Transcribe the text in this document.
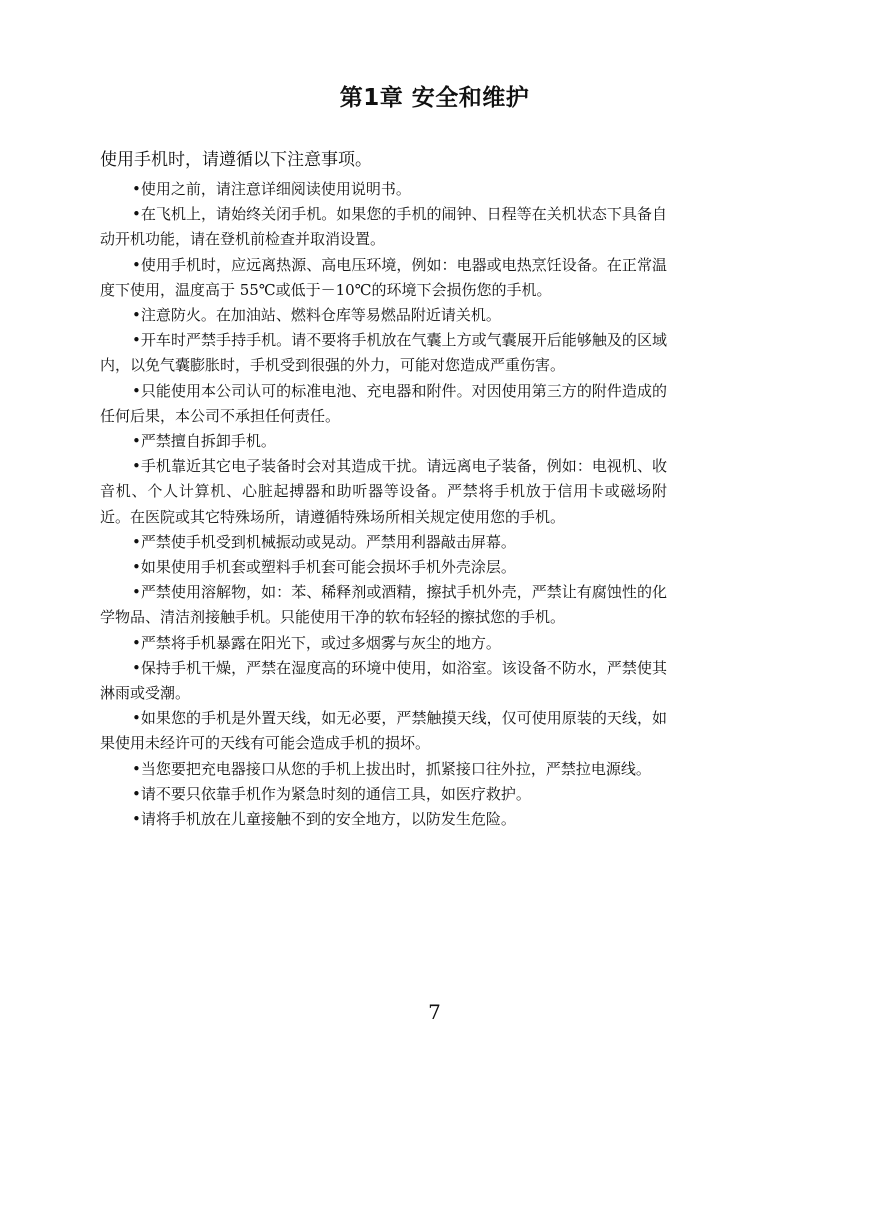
第1章 安全和维护
使用手机时，请遵循以下注意事项。
•使用之前，请注意详细阅读使用说明书。
•在飞机上，请始终关闭手机。如果您的手机的闹钟、日程等在关机状态下具备自动开机功能，请在登机前检查并取消设置。
•使用手机时，应远离热源、高电压环境，例如：电器或电热烹饪设备。在正常温度下使用，温度高于 55℃或低于－10℃的环境下会损伤您的手机。
•注意防火。在加油站、燃料仓库等易燃品附近请关机。
•开车时严禁手持手机。请不要将手机放在气囊上方或气囊展开后能够触及的区域内，以免气囊膨胀时，手机受到很强的外力，可能对您造成严重伤害。
•只能使用本公司认可的标准电池、充电器和附件。对因使用第三方的附件造成的任何后果，本公司不承担任何责任。
•严禁擅自拆卸手机。
•手机靠近其它电子装备时会对其造成干扰。请远离电子装备，例如：电视机、收音机、个人计算机、心脏起搏器和助听器等设备。严禁将手机放于信用卡或磁场附近。在医院或其它特殊场所，请遵循特殊场所相关规定使用您的手机。
•严禁使手机受到机械振动或晃动。严禁用利器敲击屏幕。
•如果使用手机套或塑料手机套可能会损坏手机外壳涂层。
•严禁使用溶解物，如：苯、稀释剂或酒精，擦拭手机外壳，严禁让有腐蚀性的化学物品、清洁剂接触手机。只能使用干净的软布轻轻的擦拭您的手机。
•严禁将手机暴露在阳光下，或过多烟雾与灰尘的地方。
•保持手机干燥，严禁在湿度高的环境中使用，如浴室。该设备不防水，严禁使其淋雨或受潮。
•如果您的手机是外置天线，如无必要，严禁触摸天线，仅可使用原装的天线，如果使用未经许可的天线有可能会造成手机的损坏。
•当您要把充电器接口从您的手机上拔出时，抓紧接口往外拉，严禁拉电源线。
•请不要只依靠手机作为紧急时刻的通信工具，如医疗救护。
•请将手机放在儿童接触不到的安全地方，以防发生危险。
7
